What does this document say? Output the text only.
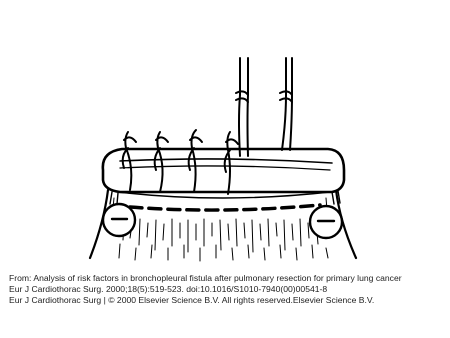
From: Analysis of risk factors in bronchopleural fistula after pulmonary resection for primary lung cancer
Eur J Cardiothorac Surg. 2000;18(5):519-523. doi:10.1016/S1010-7940(00)00541-8
Eur J Cardiothorac Surg | © 2000 Elsevier Science B.V. All rights reserved.Elsevier Science B.V.
